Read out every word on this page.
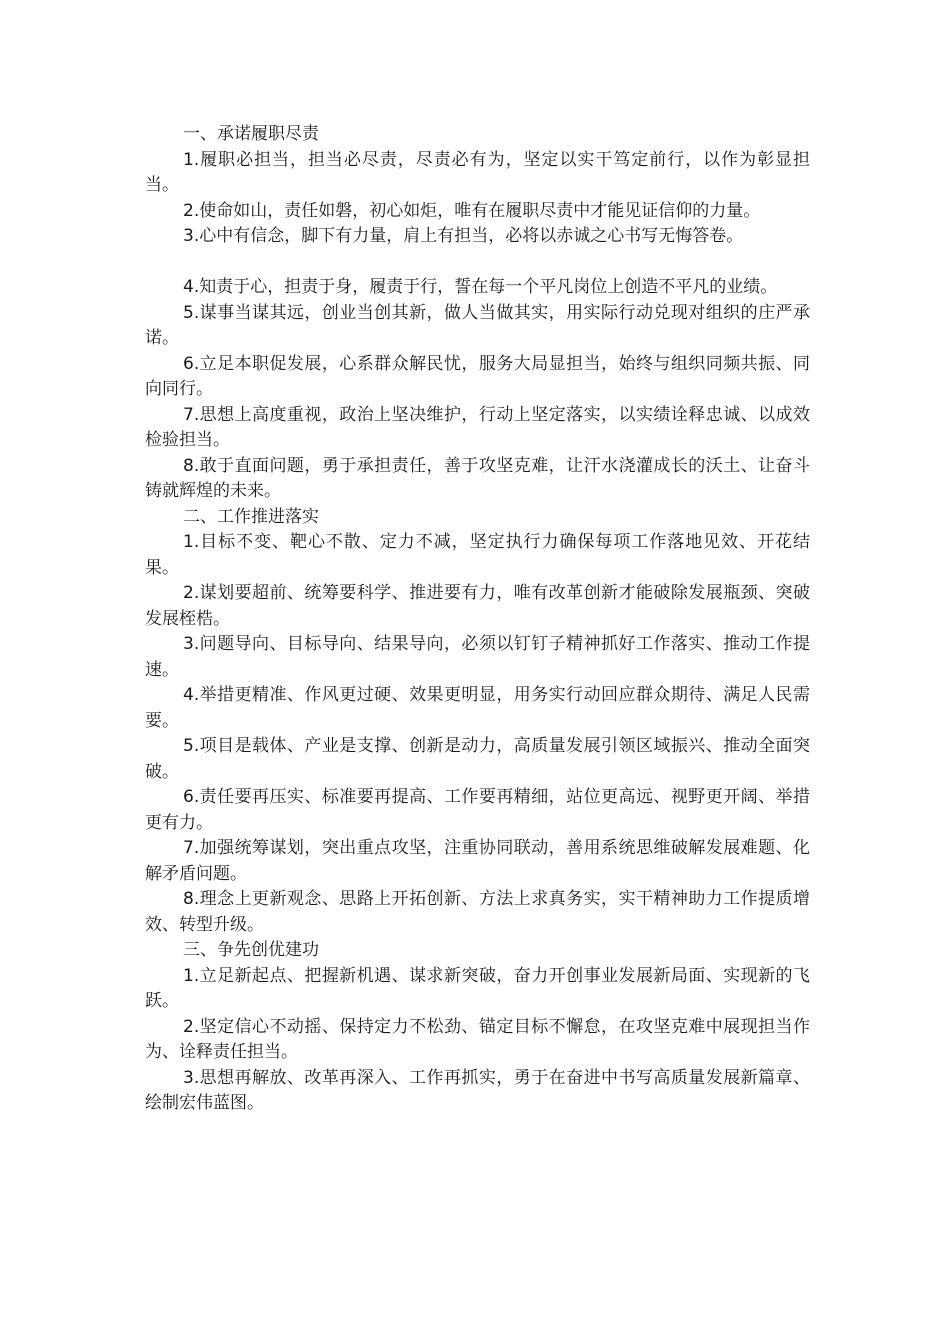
一、承诺履职尽责

1.履职必担当，担当必尽责，尽责必有为，坚定以实干笃定前行，以作为彰显担当。

2.使命如山，责任如磐，初心如炬，唯有在履职尽责中才能见证信仰的力量。

3.心中有信念，脚下有力量，肩上有担当，必将以赤诚之心书写无悔答卷。

4.知责于心，担责于身，履责于行，誓在每一个平凡岗位上创造不平凡的业绩。

5.谋事当谋其远，创业当创其新，做人当做其实，用实际行动兑现对组织的庄严承诺。

6.立足本职促发展，心系群众解民忧，服务大局显担当，始终与组织同频共振、同向同行。

7.思想上高度重视，政治上坚决维护，行动上坚定落实，以实绩诠释忠诚、以成效检验担当。

8.敢于直面问题，勇于承担责任，善于攻坚克难，让汗水浇灌成长的沃土、让奋斗铸就辉煌的未来。

二、工作推进落实

1.目标不变、靶心不散、定力不减，坚定执行力确保每项工作落地见效、开花结果。

2.谋划要超前、统筹要科学、推进要有力，唯有改革创新才能破除发展瓶颈、突破发展桎梏。

3.问题导向、目标导向、结果导向，必须以钉钉子精神抓好工作落实、推动工作提速。

4.举措更精准、作风更过硬、效果更明显，用务实行动回应群众期待、满足人民需要。

5.项目是载体、产业是支撑、创新是动力，高质量发展引领区域振兴、推动全面突破。

6.责任要再压实、标准要再提高、工作要再精细，站位更高远、视野更开阔、举措更有力。

7.加强统筹谋划，突出重点攻坚，注重协同联动，善用系统思维破解发展难题、化解矛盾问题。

8.理念上更新观念、思路上开拓创新、方法上求真务实，实干精神助力工作提质增效、转型升级。

三、争先创优建功

1.立足新起点、把握新机遇、谋求新突破，奋力开创事业发展新局面、实现新的飞跃。

2.坚定信心不动摇、保持定力不松劲、锚定目标不懈怠，在攻坚克难中展现担当作为、诠释责任担当。

3.思想再解放、改革再深入、工作再抓实，勇于在奋进中书写高质量发展新篇章、绘制宏伟蓝图。
